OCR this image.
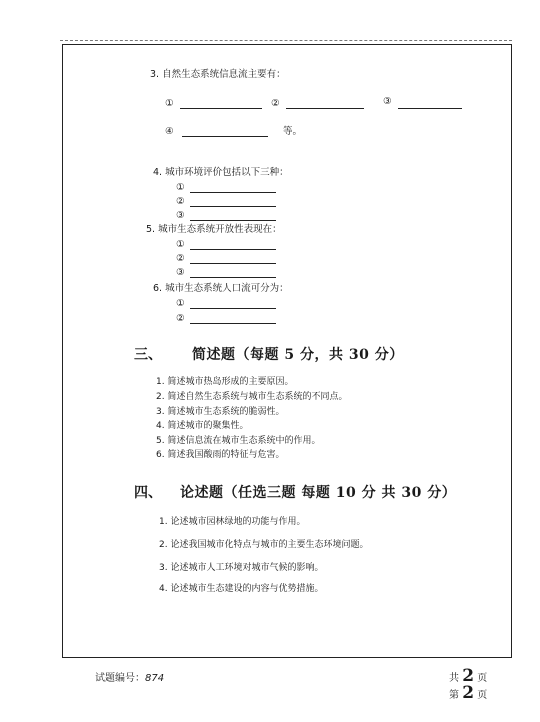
3. 自然生态系统信息流主要有：
①	②	③
④	等。
4. 城市环境评价包括以下三种：
①
②
③
5. 城市生态系统开放性表现在：
①
②
③
6. 城市生态系统人口流可分为：
①
②
三、 简述题（每题 5 分，共 30 分）
1. 简述城市热岛形成的主要原因。
2. 简述自然生态系统与城市生态系统的不同点。
3. 简述城市生态系统的脆弱性。
4. 简述城市的聚集性。
5. 简述信息流在城市生态系统中的作用。
6. 简述我国酸雨的特征与危害。
四、 论述题（任选三题 每题 10 分 共 30 分）
1. 论述城市园林绿地的功能与作用。
2. 论述我国城市化特点与城市的主要生态环境问题。
3. 论述城市人工环境对城市气候的影响。
4. 论述城市生态建设的内容与优势措施。
试题编号：874	共 2 页
第 2 页
